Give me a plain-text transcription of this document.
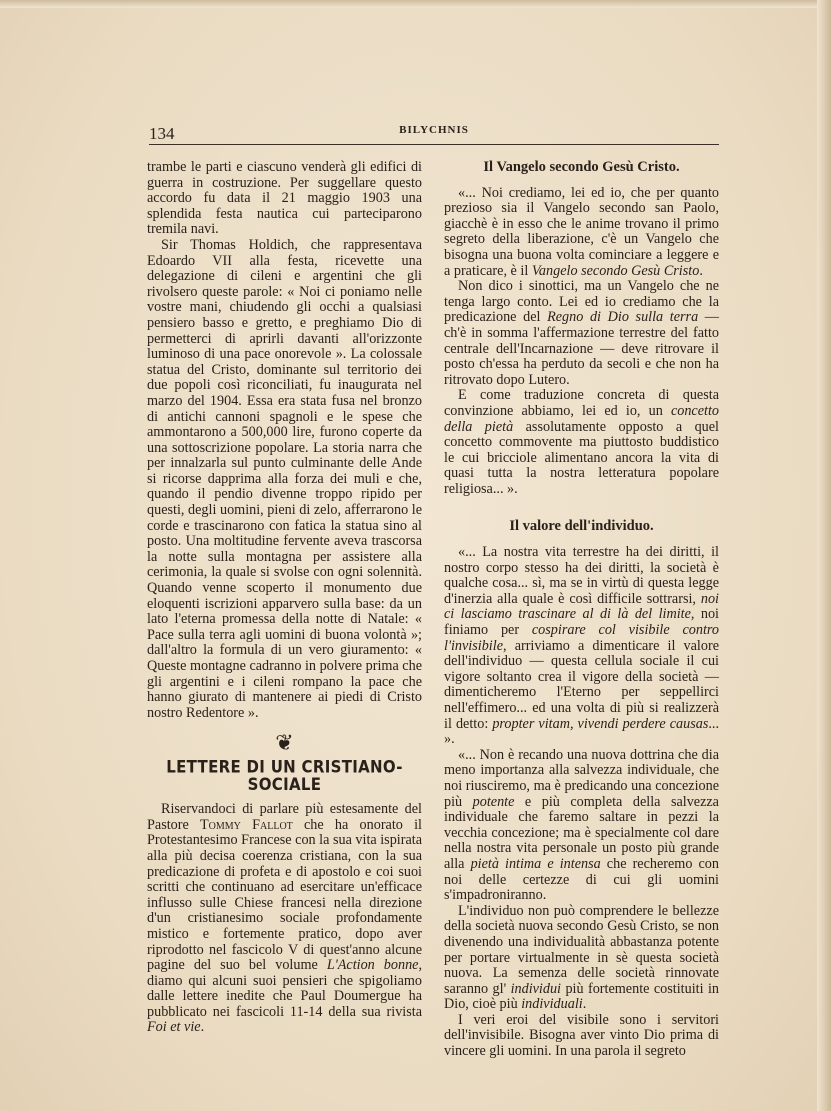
134	BILYCHNIS

trambe le parti e ciascuno venderà gli edifici di guerra in costruzione. Per suggellare questo accordo fu data il 21 maggio 1903 una splendida festa nautica cui parteciparono tremila navi.

Sir Thomas Holdich, che rappresentava Edoardo VII alla festa, ricevette una delegazione di cileni e argentini che gli rivolsero queste parole: « Noi ci poniamo nelle vostre mani, chiudendo gli occhi a qualsiasi pensiero basso e gretto, e preghiamo Dio di permetterci di aprirli davanti all'orizzonte luminoso di una pace onorevole ». La colossale statua del Cristo, dominante sul territorio dei due popoli così riconciliati, fu inaugurata nel marzo del 1904. Essa era stata fusa nel bronzo di antichi cannoni spagnoli e le spese che ammontarono a 500,000 lire, furono coperte da una sottoscrizione popolare. La storia narra che per innalzarla sul punto culminante delle Ande si ricorse dapprima alla forza dei muli e che, quando il pendio divenne troppo ripido per questi, degli uomini, pieni di zelo, afferrarono le corde e trascinarono con fatica la statua sino al posto. Una moltitudine fervente aveva trascorsa la notte sulla montagna per assistere alla cerimonia, la quale si svolse con ogni solennità. Quando venne scoperto il monumento due eloquenti iscrizioni apparvero sulla base: da un lato l'eterna promessa della notte di Natale: « Pace sulla terra agli uomini di buona volontà »; dall'altro la formula di un vero giuramento: « Queste montagne cadranno in polvere prima che gli argentini e i cileni rompano la pace che hanno giurato di mantenere ai piedi di Cristo nostro Redentore ».

❦
LETTERE DI UN CRISTIANO-SOCIALE

Riservandoci di parlare più estesamente del Pastore Tommy Fallot che ha onorato il Protestantesimo Francese con la sua vita ispirata alla più decisa coerenza cristiana, con la sua predicazione di profeta e di apostolo e coi suoi scritti che continuano ad esercitare un'efficace influsso sulle Chiese francesi nella direzione d'un cristianesimo sociale profondamente mistico e fortemente pratico, dopo aver riprodotto nel fascicolo V di quest'anno alcune pagine del suo bel volume L'Action bonne, diamo qui alcuni suoi pensieri che spigoliamo dalle lettere inedite che Paul Doumergue ha pubblicato nei fascicoli 11-14 della sua rivista Foi et vie.

Il Vangelo secondo Gesù Cristo.

«... Noi crediamo, lei ed io, che per quanto prezioso sia il Vangelo secondo san Paolo, giacchè è in esso che le anime trovano il primo segreto della liberazione, c'è un Vangelo che bisogna una buona volta cominciare a leggere e a praticare, è il Vangelo secondo Gesù Cristo.

Non dico i sinottici, ma un Vangelo che ne tenga largo conto. Lei ed io crediamo che la predicazione del Regno di Dio sulla terra — ch'è in somma l'affermazione terrestre del fatto centrale dell'Incarnazione — deve ritrovare il posto ch'essa ha perduto da secoli e che non ha ritrovato dopo Lutero.

E come traduzione concreta di questa convinzione abbiamo, lei ed io, un concetto della pietà assolutamente opposto a quel concetto commovente ma piuttosto buddistico le cui bricciole alimentano ancora la vita di quasi tutta la nostra letteratura popolare religiosa... ».

Il valore dell'individuo.

«... La nostra vita terrestre ha dei diritti, il nostro corpo stesso ha dei diritti, la società è qualche cosa... sì, ma se in virtù di questa legge d'inerzia alla quale è così difficile sottrarsi, noi ci lasciamo trascinare al di là del limite, noi finiamo per cospirare col visibile contro l'invisibile, arriviamo a dimenticare il valore dell'individuo — questa cellula sociale il cui vigore soltanto crea il vigore della società — dimenticheremo l'Eterno per seppellirci nell'effimero... ed una volta di più si realizzerà il detto: propter vitam, vivendi perdere causas... ».

«... Non è recando una nuova dottrina che dia meno importanza alla salvezza individuale, che noi riusciremo, ma è predicando una concezione più potente e più completa della salvezza individuale che faremo saltare in pezzi la vecchia concezione; ma è specialmente col dare nella nostra vita personale un posto più grande alla pietà intima e intensa che recheremo con noi delle certezze di cui gli uomini s'impadroniranno.

L'individuo non può comprendere le bellezze della società nuova secondo Gesù Cristo, se non divenendo una individualità abbastanza potente per portare virtualmente in sè questa società nuova. La semenza delle società rinnovate saranno gl' individui più fortemente costituiti in Dio, cioè più individuali.

I veri eroi del visibile sono i servitori dell'invisibile. Bisogna aver vinto Dio prima di vincere gli uomini. In una parola il segreto
